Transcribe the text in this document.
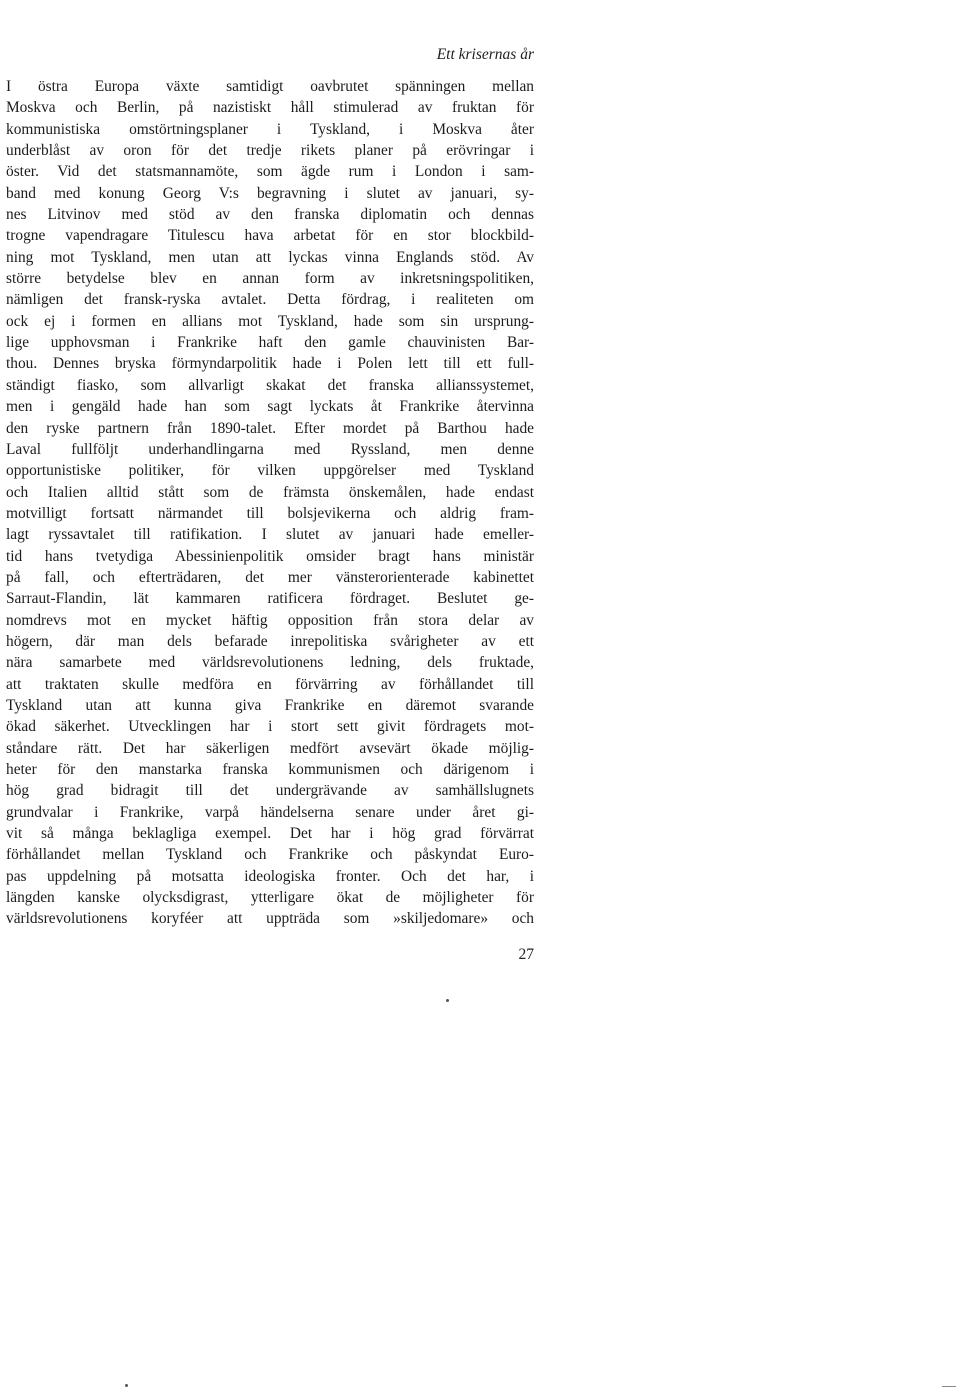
Ett krisernas år
I östra Europa växte samtidigt oavbrutet spänningen mellan
Moskva och Berlin, på nazistiskt håll stimulerad av fruktan för
kommunistiska omstörtningsplaner i Tyskland, i Moskva åter
underblåst av oron för det tredje rikets planer på erövringar i
öster. Vid det statsmannamöte, som ägde rum i London i sam-
band med konung Georg V:s begravning i slutet av januari, sy-
nes Litvinov med stöd av den franska diplomatin och dennas
trogne vapendragare Titulescu hava arbetat för en stor blockbild-
ning mot Tyskland, men utan att lyckas vinna Englands stöd. Av
större betydelse blev en annan form av inkretsningspolitiken,
nämligen det fransk-ryska avtalet. Detta fördrag, i realiteten om
ock ej i formen en allians mot Tyskland, hade som sin ursprung-
lige upphovsman i Frankrike haft den gamle chauvinisten Bar-
thou. Dennes bryska förmyndarpolitik hade i Polen lett till ett full-
ständigt fiasko, som allvarligt skakat det franska allianssystemet,
men i gengäld hade han som sagt lyckats åt Frankrike återvinna
den ryske partnern från 1890-talet. Efter mordet på Barthou hade
Laval fullföljt underhandlingarna med Ryssland, men denne
opportunistiske politiker, för vilken uppgörelser med Tyskland
och Italien alltid stått som de främsta önskemålen, hade endast
motvilligt fortsatt närmandet till bolsjevikerna och aldrig fram-
lagt ryssavtalet till ratifikation. I slutet av januari hade emeller-
tid hans tvetydiga Abessinienpolitik omsider bragt hans ministär
på fall, och efterträdaren, det mer vänsterorienterade kabinettet
Sarraut-Flandin, lät kammaren ratificera fördraget. Beslutet ge-
nomdrevs mot en mycket häftig opposition från stora delar av
högern, där man dels befarade inrepolitiska svårigheter av ett
nära samarbete med världsrevolutionens ledning, dels fruktade,
att traktaten skulle medföra en förvärring av förhållandet till
Tyskland utan att kunna giva Frankrike en däremot svarande
ökad säkerhet. Utvecklingen har i stort sett givit fördragets mot-
ståndare rätt. Det har säkerligen medfört avsevärt ökade möjlig-
heter för den manstarka franska kommunismen och därigenom i
hög grad bidragit till det undergrävande av samhällslugnets
grundvalar i Frankrike, varpå händelserna senare under året gi-
vit så många beklagliga exempel. Det har i hög grad förvärrat
förhållandet mellan Tyskland och Frankrike och påskyndat Euro-
pas uppdelning på motsatta ideologiska fronter. Och det har, i
längden kanske olycksdigrast, ytterligare ökat de möjligheter för
världsrevolutionens koryféer att uppträda som »skiljedomare» och
27
